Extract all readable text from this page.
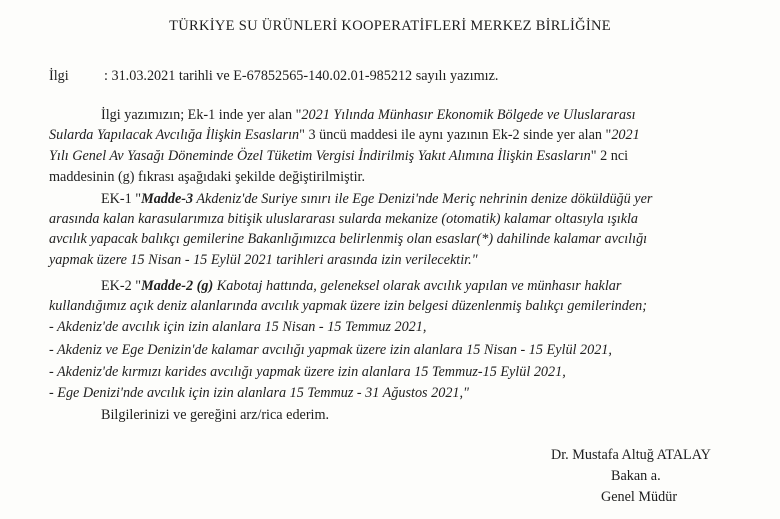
TÜRKİYE SU ÜRÜNLERİ KOOPERATİFLERİ MERKEZ BİRLİĞİNE
İlgi : 31.03.2021 tarihli ve E-67852565-140.02.01-985212 sayılı yazımız.
İlgi yazımızın; Ek-1 inde yer alan "2021 Yılında Münhasır Ekonomik Bölgede ve Uluslararası
Sularda Yapılacak Avcılığa İlişkin Esasların" 3 üncü maddesi ile aynı yazının Ek-2 sinde yer alan "2021
Yılı Genel Av Yasağı Döneminde Özel Tüketim Vergisi İndirilmiş Yakıt Alımına İlişkin Esasların" 2 nci
maddesinin (g) fıkrası aşağıdaki şekilde değiştirilmiştir.
EK-1 "Madde-3 Akdeniz'de Suriye sınırı ile Ege Denizi'nde Meriç nehrinin denize döküldüğü yer
arasında kalan karasularımıza bitişik uluslararası sularda mekanize (otomatik) kalamar oltasıyla ışıkla
avcılık yapacak balıkçı gemilerine Bakanlığımızca belirlenmiş olan esaslar(*) dahilinde kalamar avcılığı
yapmak üzere 15 Nisan - 15 Eylül 2021 tarihleri arasında izin verilecektir."
EK-2 "Madde-2 (g) Kabotaj hattında, geleneksel olarak avcılık yapılan ve münhasır haklar
kullandığımız açık deniz alanlarında avcılık yapmak üzere izin belgesi düzenlenmiş balıkçı gemilerinden;
- Akdeniz'de avcılık için izin alanlara 15 Nisan - 15 Temmuz 2021,
- Akdeniz ve Ege Denizin'de kalamar avcılığı yapmak üzere izin alanlara 15 Nisan - 15 Eylül 2021,
- Akdeniz'de kırmızı karides avcılığı yapmak üzere izin alanlara 15 Temmuz-15 Eylül 2021,
- Ege Denizi'nde avcılık için izin alanlara 15 Temmuz - 31 Ağustos 2021,"
Bilgilerinizi ve gereğini arz/rica ederim.
Dr. Mustafa Altuğ ATALAY
Bakan a.
Genel Müdür
